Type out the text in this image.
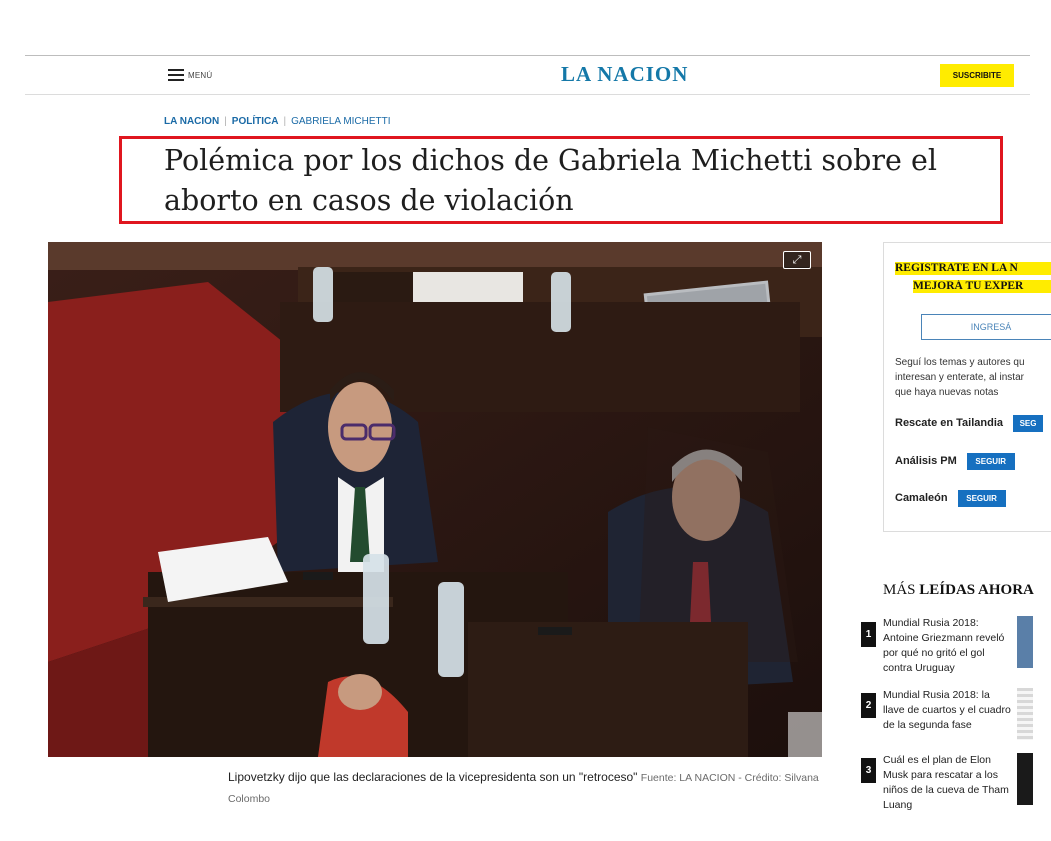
MENÚ	LA NACION	SUSCRIBITE
LA NACION | POLÍTICA | GABRIELA MICHETTI
Polémica por los dichos de Gabriela Michetti sobre el aborto en casos de violación
⤢
Lipovetzky dijo que las declaraciones de la vicepresidenta son un "retroceso" Fuente: LA NACION - Crédito: Silvana Colombo
REGISTRATE EN LA N
MEJORÁ TU EXPER
INGRESÁ
Seguí los temas y autores qu
interesan y enterate, al instar
que haya nuevas notas
Rescate en Tailandia	SEG
Análisis PM	SEGUIR
Camaleón	SEGUIR
MÁS LEÍDAS AHORA
1
Mundial Rusia 2018: Antoine Griezmann reveló por qué no gritó el gol contra Uruguay
2
Mundial Rusia 2018: la llave de cuartos y el cuadro de la segunda fase
3
Cuál es el plan de Elon Musk para rescatar a los niños de la cueva de Tham Luang
